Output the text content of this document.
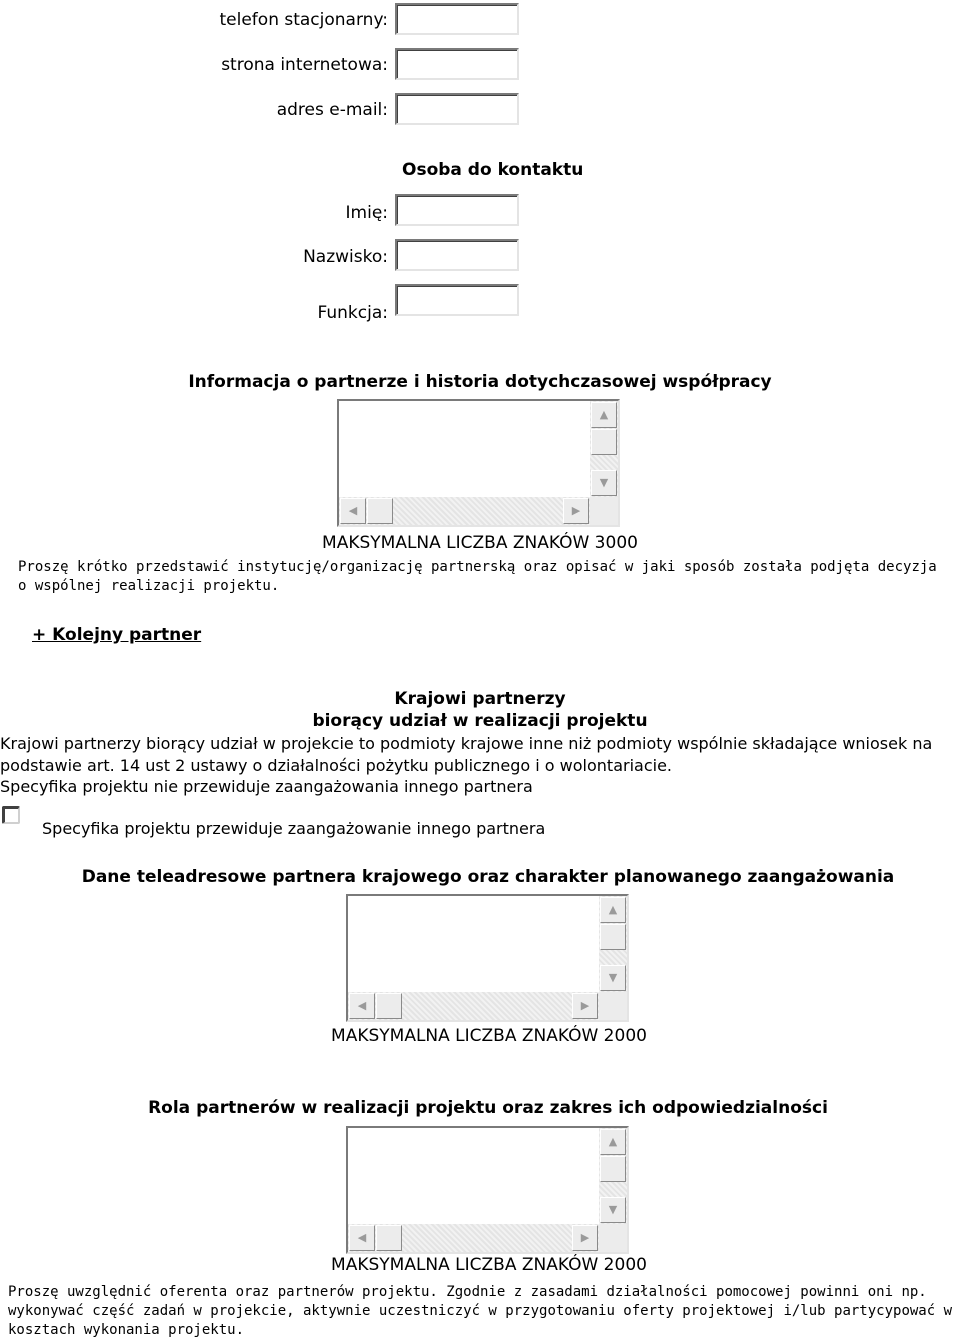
telefon stacjonarny:
strona internetowa:
adres e-mail:
Osoba do kontaktu
Imię:
Nazwisko:
Funkcja:
Informacja o partnerze i historia dotychczasowej współpracy
▲
▼
◀	▶
MAKSYMALNA LICZBA ZNAKÓW 3000
Proszę krótko przedstawić instytucję/organizację partnerską oraz opisać w jaki sposób została podjęta decyzja o wspólnej realizacji projektu.
+ Kolejny partner
Krajowi partnerzy
biorący udział w realizacji projektu
Krajowi partnerzy biorący udział w projekcie to podmioty krajowe inne niż podmioty wspólnie składające wniosek na podstawie art. 14 ust 2 ustawy o działalności pożytku publicznego i o wolontariacie.
Specyfika projektu nie przewiduje zaangażowania innego partnera
Specyfika projektu przewiduje zaangażowanie innego partnera
Dane teleadresowe partnera krajowego oraz charakter planowanego zaangażowania
▲
▼
◀	▶
MAKSYMALNA LICZBA ZNAKÓW 2000
Rola partnerów w realizacji projektu oraz zakres ich odpowiedzialności
▲
▼
◀	▶
MAKSYMALNA LICZBA ZNAKÓW 2000
Proszę uwzględnić oferenta oraz partnerów projektu. Zgodnie z zasadami działalności pomocowej powinni oni np. wykonywać część zadań w projekcie, aktywnie uczestniczyć w przygotowaniu oferty projektowej i/lub partycypować w kosztach wykonania projektu.
